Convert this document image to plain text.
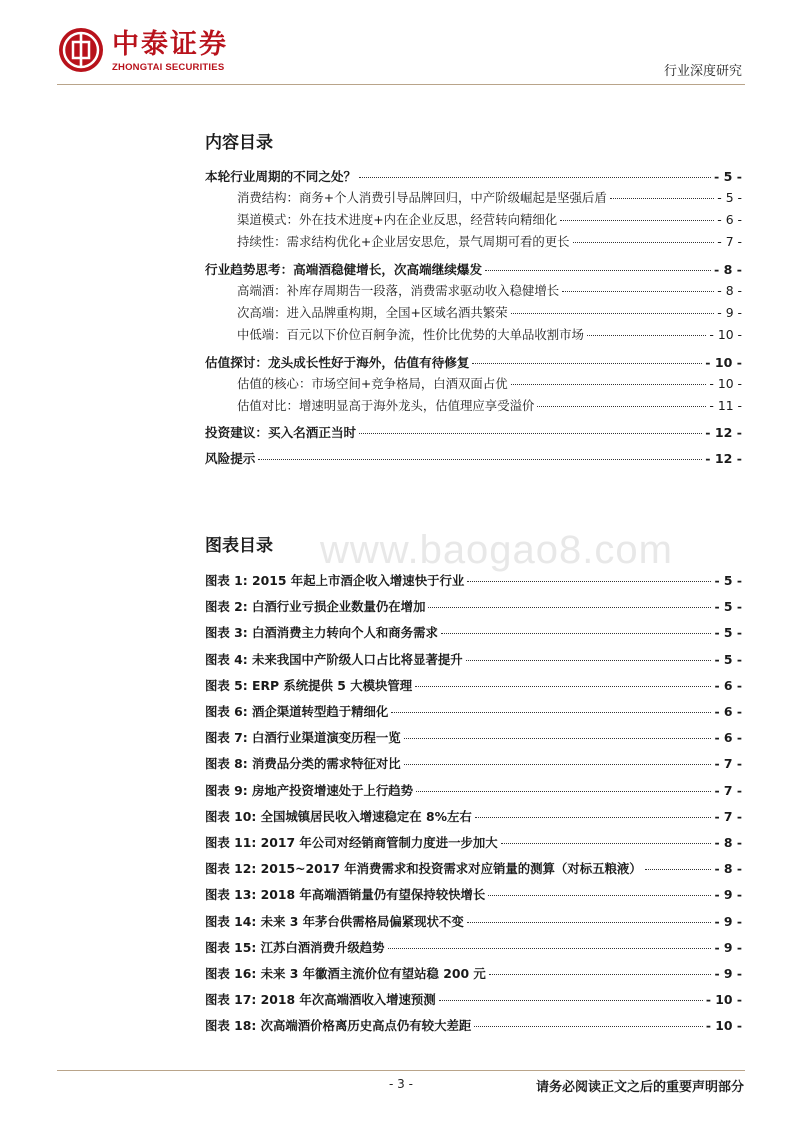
中泰证券
ZHONGTAI SECURITIES	行业深度研究
内容目录
本轮行业周期的不同之处？	- 5 -
消费结构：商务+个人消费引导品牌回归，中产阶级崛起是坚强后盾	- 5 -
渠道模式：外在技术进度+内在企业反思，经营转向精细化	- 6 -
持续性：需求结构优化+企业居安思危，景气周期可看的更长	- 7 -
行业趋势思考：高端酒稳健增长，次高端继续爆发	- 8 -
高端酒：补库存周期告一段落，消费需求驱动收入稳健增长	- 8 -
次高端：进入品牌重构期，全国+区域名酒共繁荣	- 9 -
中低端：百元以下价位百舸争流，性价比优势的大单品收割市场	- 10 -
估值探讨：龙头成长性好于海外，估值有待修复	- 10 -
估值的核心：市场空间+竞争格局，白酒双面占优	- 10 -
估值对比：增速明显高于海外龙头，估值理应享受溢价	- 11 -
投资建议：买入名酒正当时	- 12 -
风险提示	- 12 -
www.baogao8.com
图表目录
图表 1: 2015 年起上市酒企收入增速快于行业	- 5 -
图表 2: 白酒行业亏损企业数量仍在增加	- 5 -
图表 3: 白酒消费主力转向个人和商务需求	- 5 -
图表 4: 未来我国中产阶级人口占比将显著提升	- 5 -
图表 5: ERP 系统提供 5 大模块管理	- 6 -
图表 6: 酒企渠道转型趋于精细化	- 6 -
图表 7: 白酒行业渠道演变历程一览	- 6 -
图表 8: 消费品分类的需求特征对比	- 7 -
图表 9: 房地产投资增速处于上行趋势	- 7 -
图表 10: 全国城镇居民收入增速稳定在 8%左右	- 7 -
图表 11: 2017 年公司对经销商管制力度进一步加大	- 8 -
图表 12: 2015~2017 年消费需求和投资需求对应销量的测算（对标五粮液）	- 8 -
图表 13: 2018 年高端酒销量仍有望保持较快增长	- 9 -
图表 14: 未来 3 年茅台供需格局偏紧现状不变	- 9 -
图表 15: 江苏白酒消费升级趋势	- 9 -
图表 16: 未来 3 年徽酒主流价位有望站稳 200 元	- 9 -
图表 17: 2018 年次高端酒收入增速预测	- 10 -
图表 18: 次高端酒价格离历史高点仍有较大差距	- 10 -
- 3 -	请务必阅读正文之后的重要声明部分
